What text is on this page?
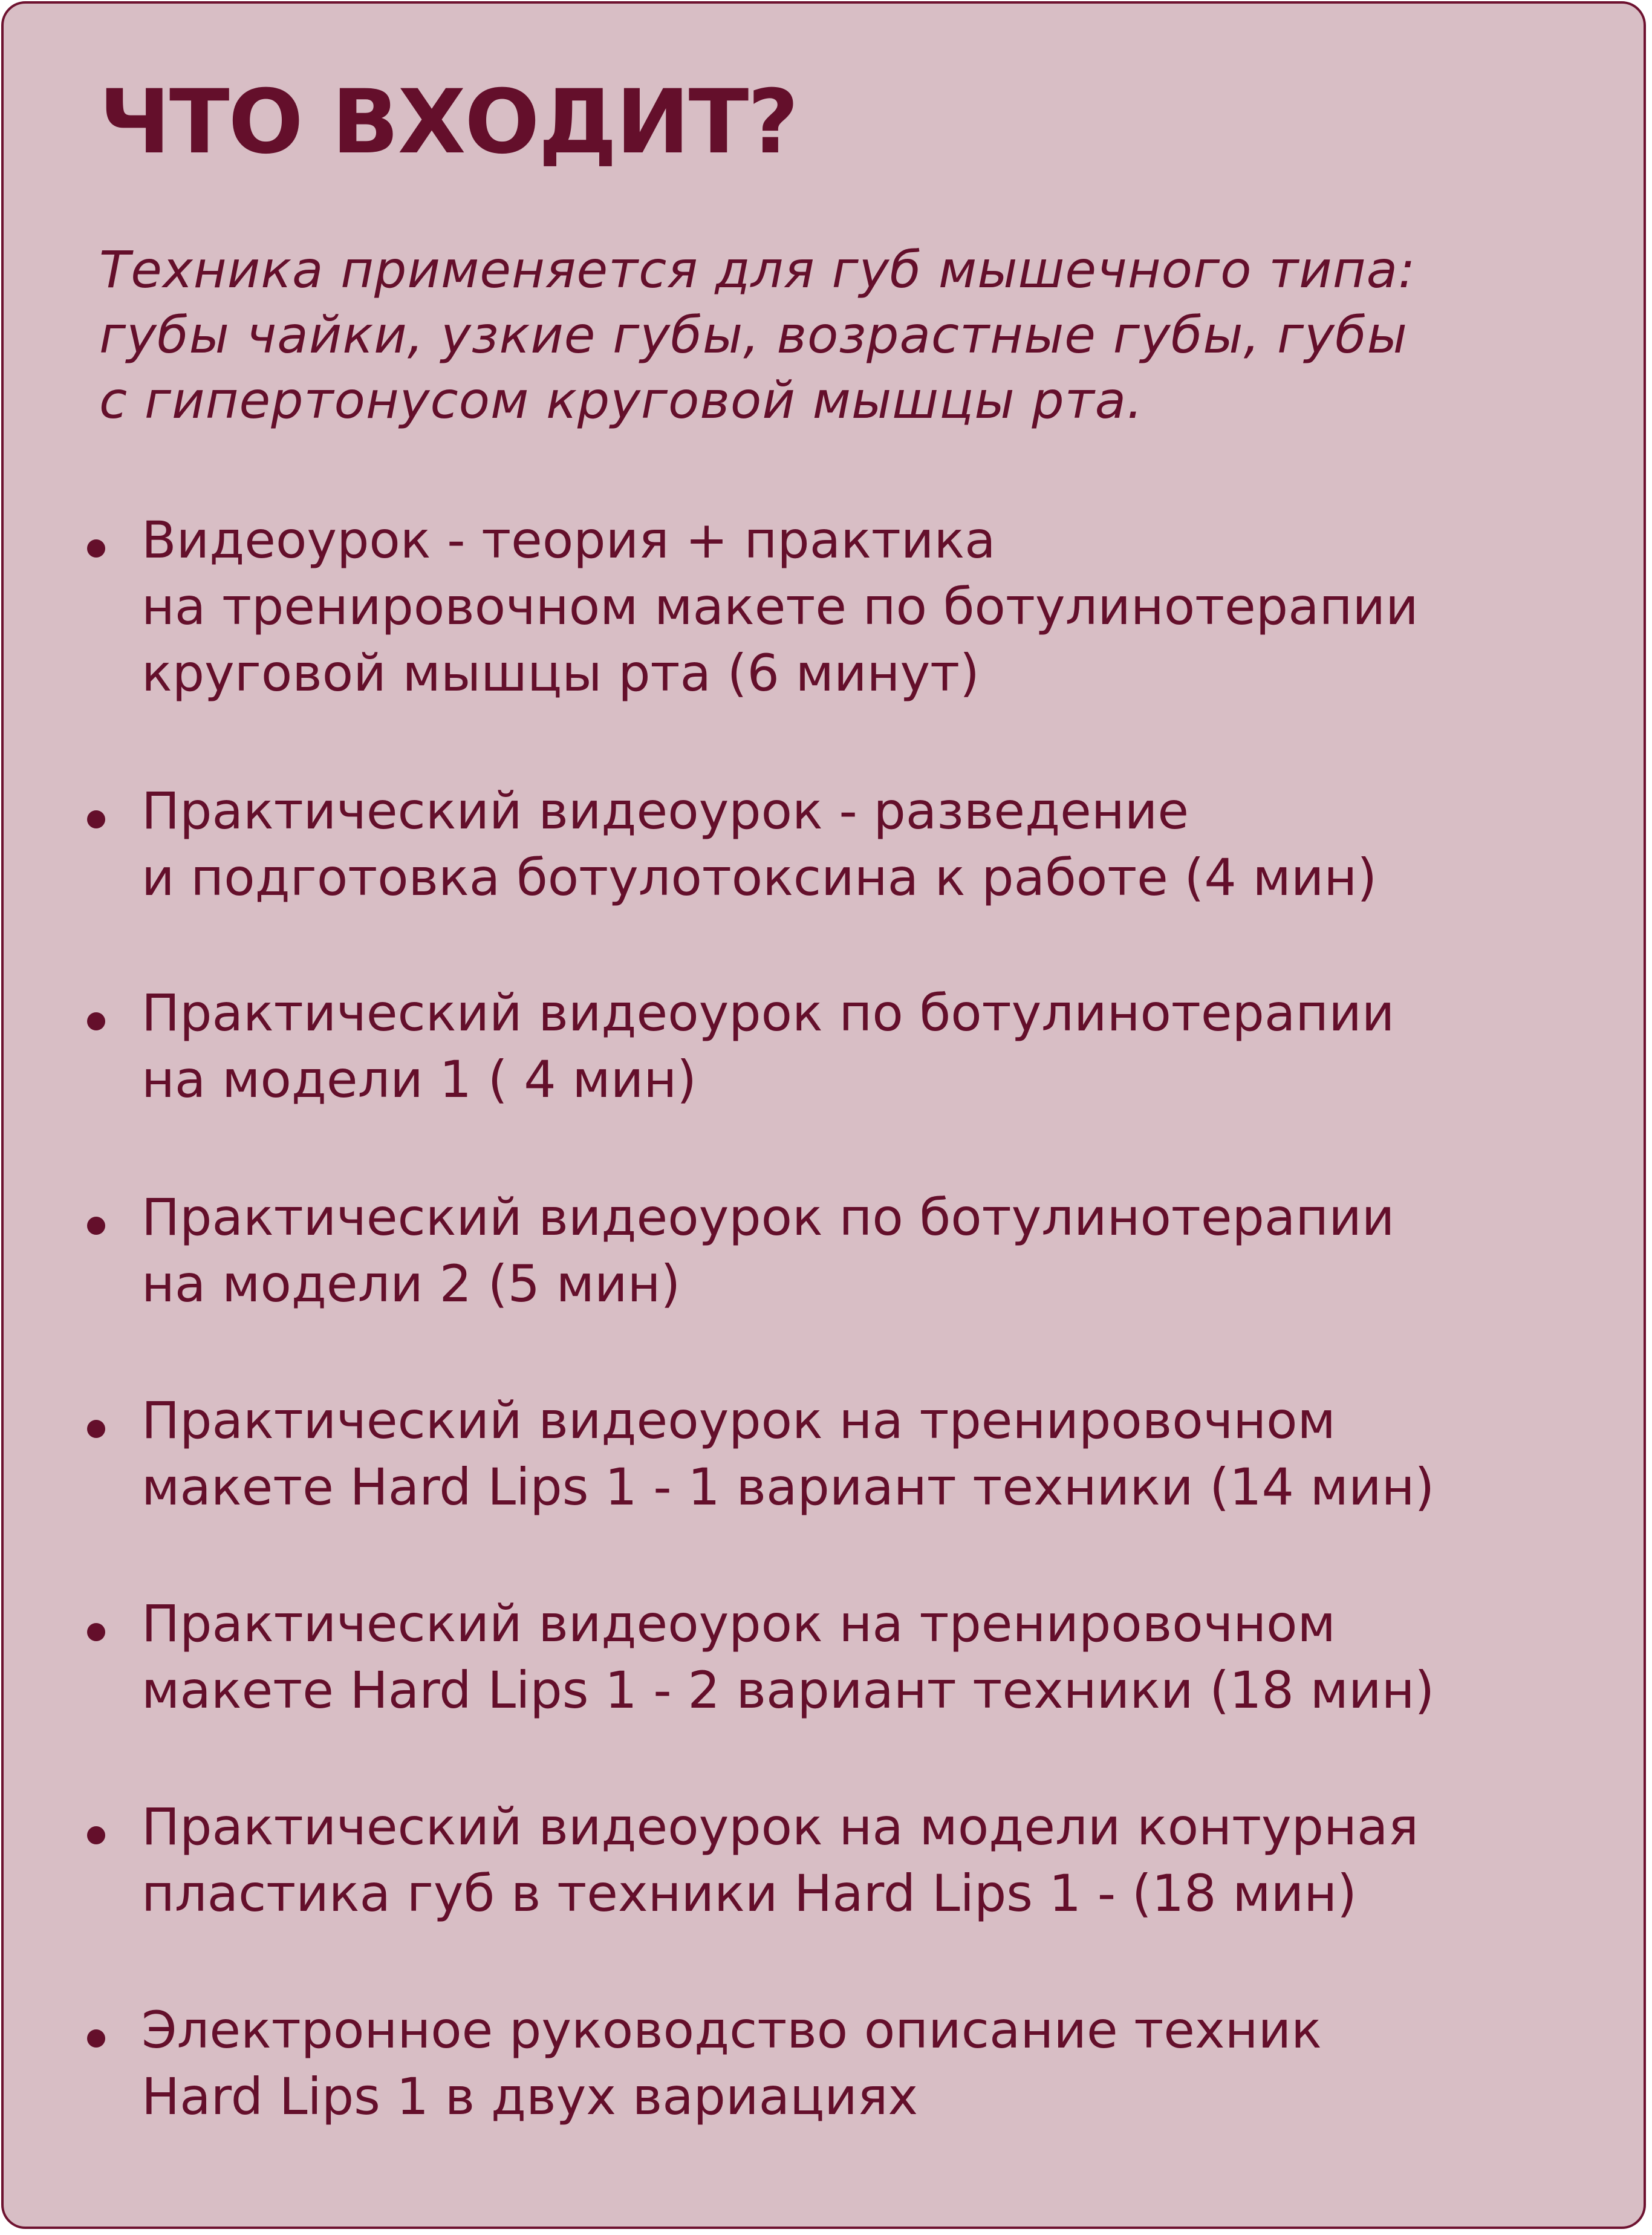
ЧТО ВХОДИТ?

Техника применяется для губ мышечного типа:
губы чайки, узкие губы, возрастные губы, губы
с гипертонусом круговой мышцы рта.

Видеоурок - теория + практика
на тренировочном макете по ботулинотерапии
круговой мышцы рта (6 минут)
Практический видеоурок - разведение
и подготовка ботулотоксина к работе (4 мин)
Практический видеоурок по ботулинотерапии
на модели 1 ( 4 мин)
Практический видеоурок по ботулинотерапии
на модели 2 (5 мин)
Практический видеоурок на тренировочном
макете Hard Lips 1 - 1 вариант техники (14 мин)
Практический видеоурок на тренировочном
макете Hard Lips 1 - 2 вариант техники (18 мин)
Практический видеоурок на модели контурная
пластика губ в техники Hard Lips 1 - (18 мин)
Электронное руководство описание техник
Hard Lips 1 в двух вариациях
